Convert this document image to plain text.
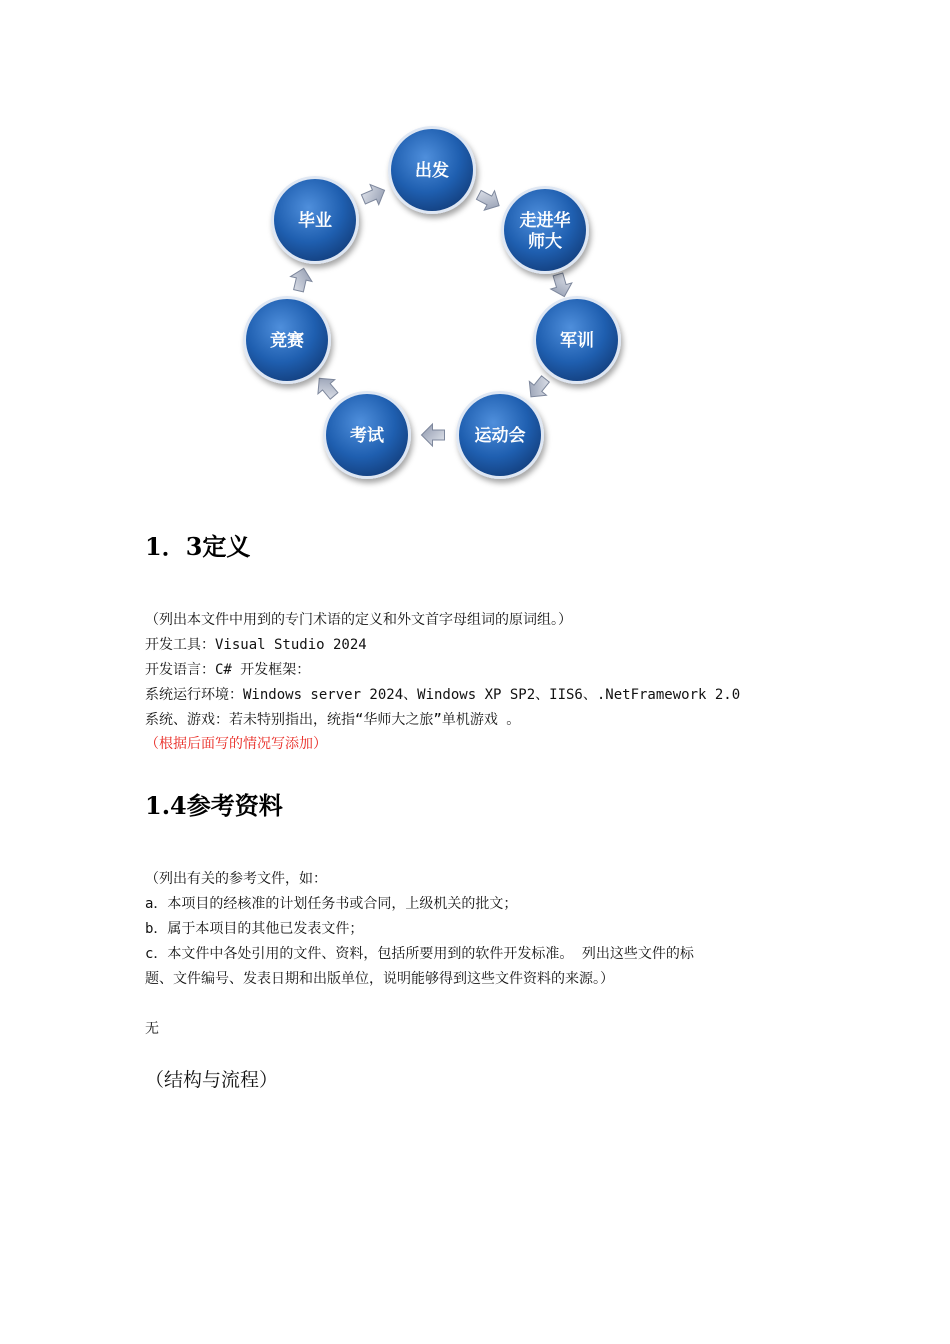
出发
走进华师大
军训
运动会
考试
竞赛
毕业
1．3定义

（列出本文件中用到的专门术语的定义和外文首字母组词的原词组。）

开发工具：Visual Studio 2024

开发语言：C# 开发框架：

系统运行环境：Windows server 2024、Windows XP SP2、IIS6、.NetFramework 2.0

系统、游戏：若未特别指出，统指“华师大之旅”单机游戏 。

（根据后面写的情况写添加）

1.4参考资料

（列出有关的参考文件，如：

a．本项目的经核准的计划任务书或合同，上级机关的批文；

b．属于本项目的其他已发表文件；

c．本文件中各处引用的文件、资料，包括所要用到的软件开发标准。 列出这些文件的标

题、文件编号、发表日期和出版单位，说明能够得到这些文件资料的来源。）

无

（结构与流程）
